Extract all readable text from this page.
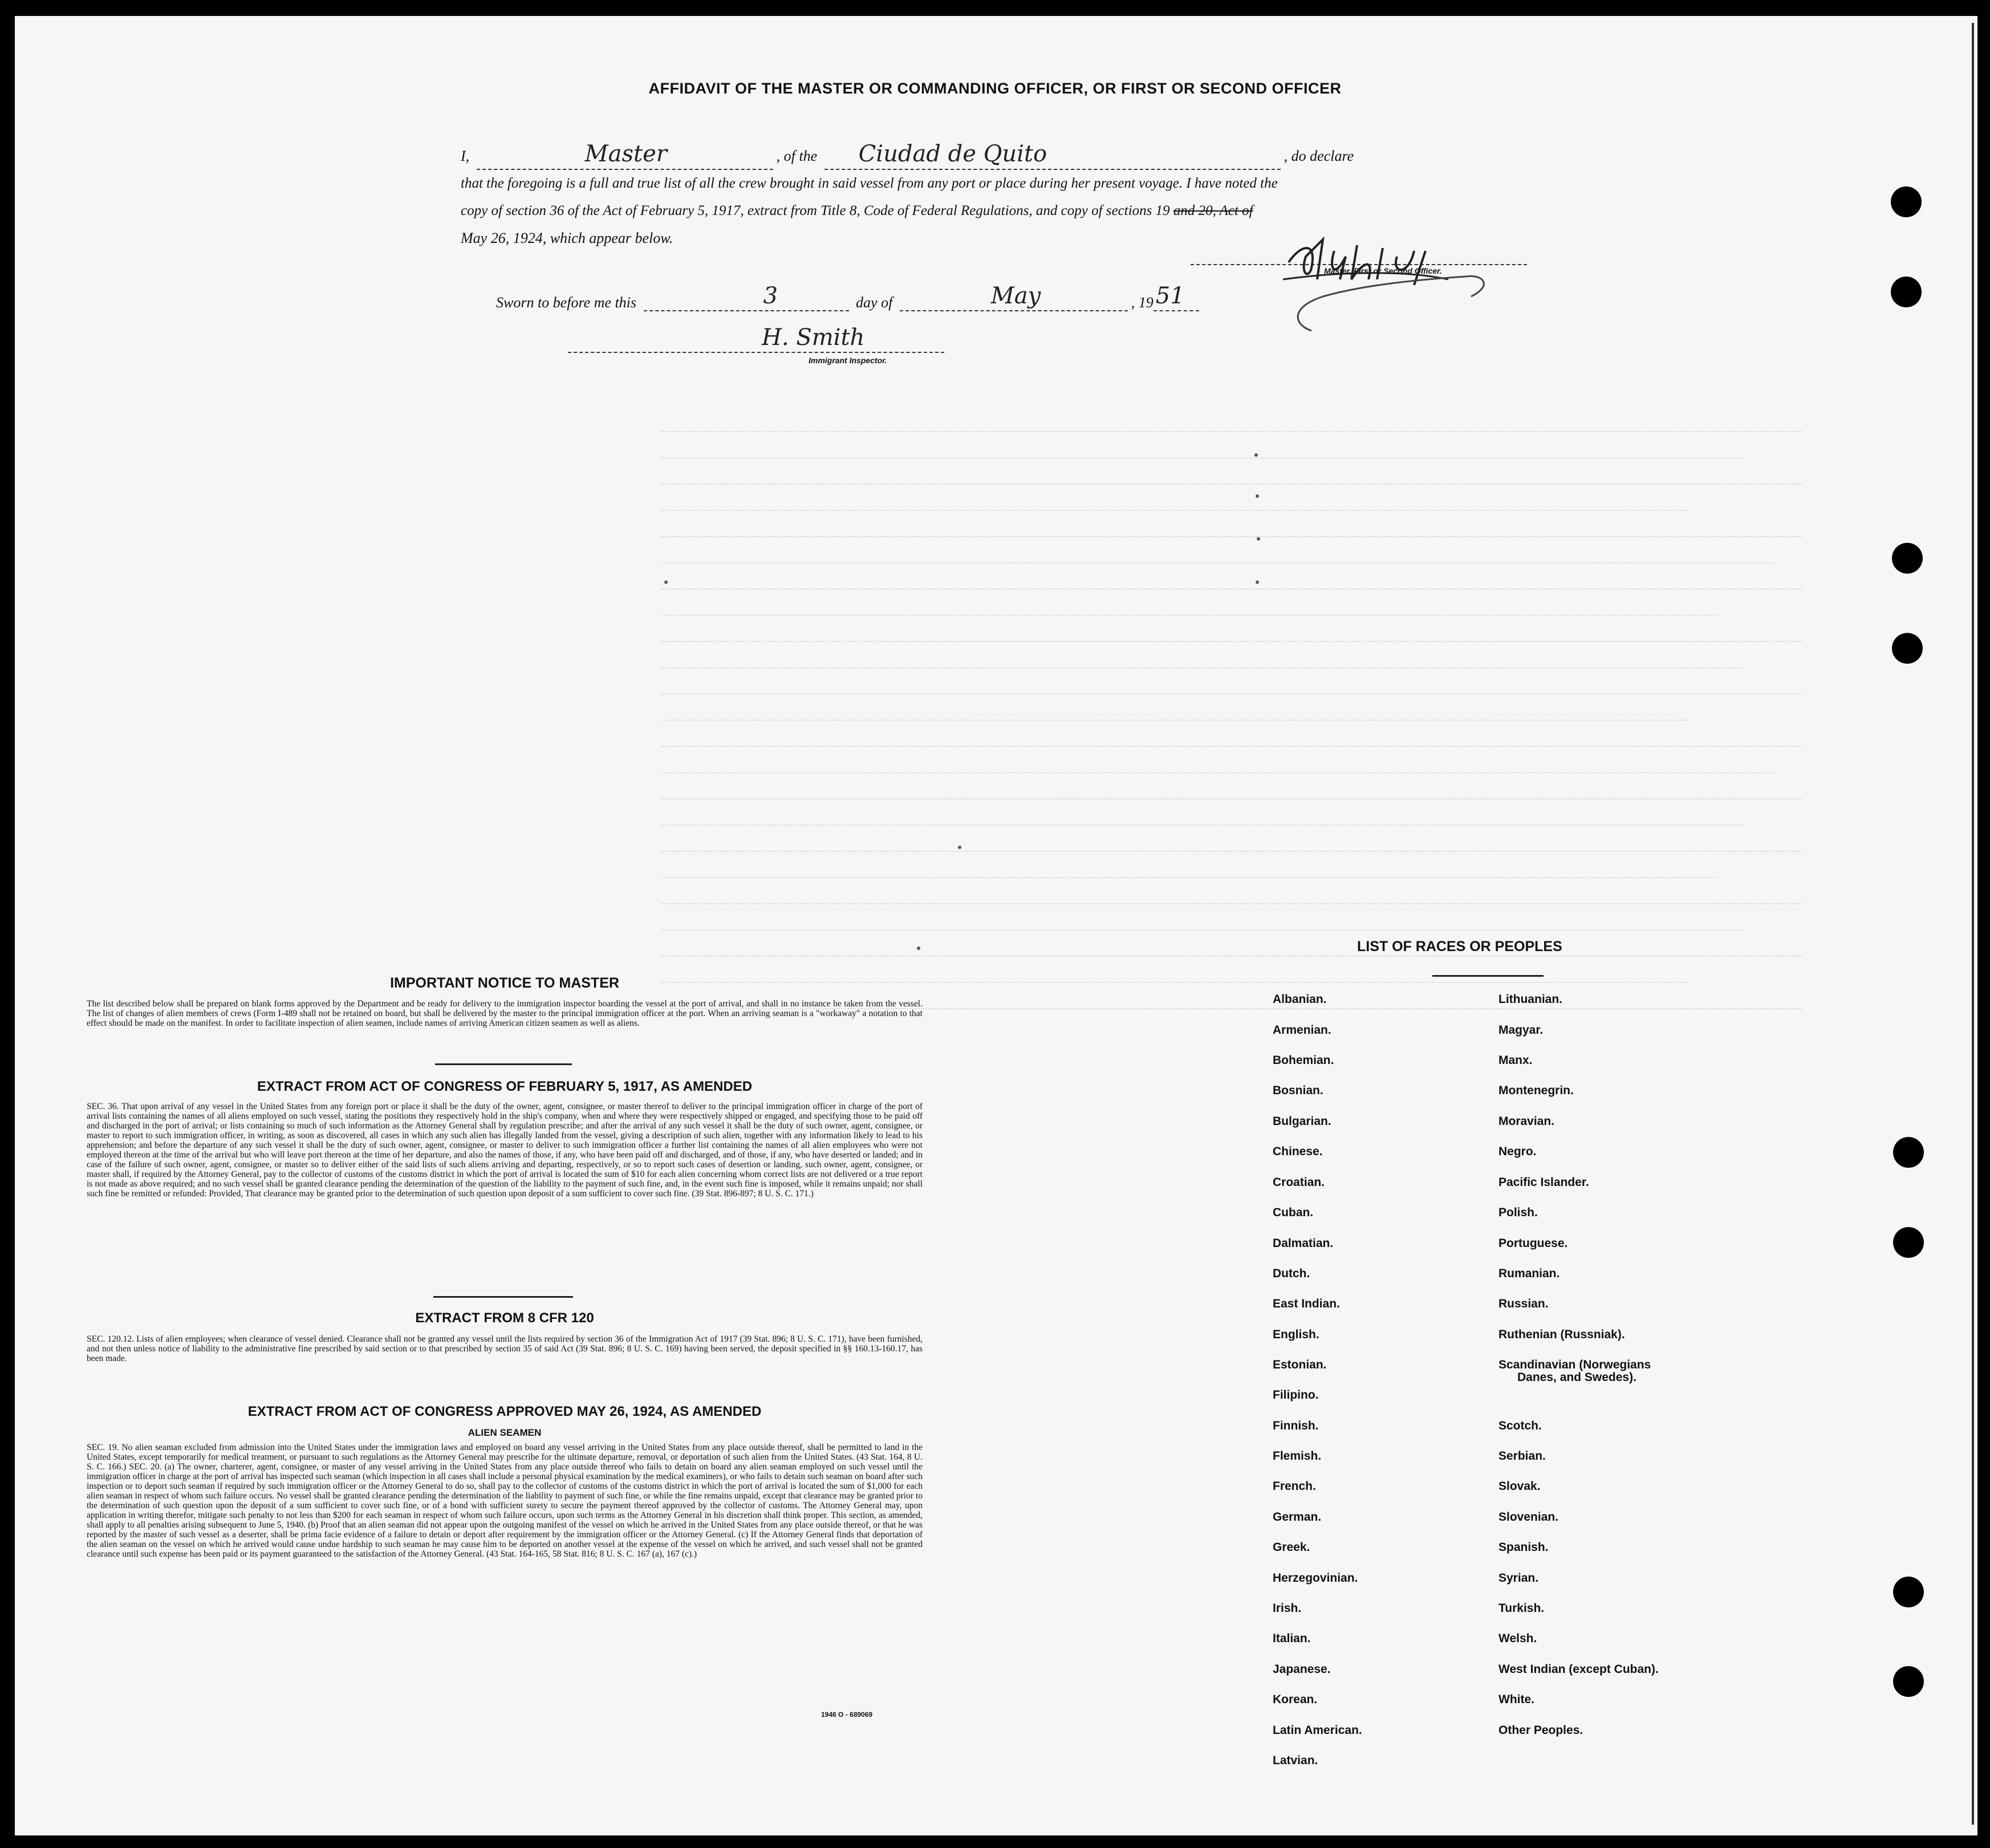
AFFIDAVIT OF THE MASTER OR COMMANDING OFFICER, OR FIRST OR SECOND OFFICER
I,	Master	, of the Ciudad de Quito	, do declare
that the foregoing is a full and true list of all the crew brought in said vessel from any port or place during her present voyage. I have noted the
copy of section 36 of the Act of February 5, 1917, extract from Title 8, Code of Federal Regulations, and copy of sections 19 and 20, Act of
May 26, 1924, which appear below.
Master, First or Second Officer.
Sworn to before me this	3	day of	May	, 19 51
H. Smith
Immigrant Inspector.
IMPORTANT NOTICE TO MASTER
The list described below shall be prepared on blank forms approved by the Department and be ready for delivery to the immigration inspector boarding the vessel at the port of arrival, and shall in no instance be taken from the vessel. The list of changes of alien members of crews (Form I-489 shall not be retained on board, but shall be delivered by the master to the principal immigration officer at the port. When an arriving seaman is a "workaway" a notation to that effect should be made on the manifest. In order to facilitate inspection of alien seamen, include names of arriving American citizen seamen as well as aliens.
EXTRACT FROM ACT OF CONGRESS OF FEBRUARY 5, 1917, AS AMENDED
SEC. 36. That upon arrival of any vessel in the United States from any foreign port or place it shall be the duty of the owner, agent, consignee, or master thereof to deliver to the principal immigration officer in charge of the port of arrival lists containing the names of all aliens employed on such vessel, stating the positions they respectively hold in the ship's company, when and where they were respectively shipped or engaged, and specifying those to be paid off and discharged in the port of arrival; or lists containing so much of such information as the Attorney General shall by regulation prescribe; and after the arrival of any such vessel it shall be the duty of such owner, agent, consignee, or master to report to such immigration officer, in writing, as soon as discovered, all cases in which any such alien has illegally landed from the vessel, giving a description of such alien, together with any information likely to lead to his apprehension; and before the departure of any such vessel it shall be the duty of such owner, agent, consignee, or master to deliver to such immigration officer a further list containing the names of all alien employees who were not employed thereon at the time of the arrival but who will leave port thereon at the time of her departure, and also the names of those, if any, who have been paid off and discharged, and of those, if any, who have deserted or landed; and in case of the failure of such owner, agent, consignee, or master so to deliver either of the said lists of such aliens arriving and departing, respectively, or so to report such cases of desertion or landing, such owner, agent, consignee, or master shall, if required by the Attorney General, pay to the collector of customs of the customs district in which the port of arrival is located the sum of $10 for each alien concerning whom correct lists are not delivered or a true report is not made as above required; and no such vessel shall be granted clearance pending the determination of the question of the liability to the payment of such fine, and, in the event such fine is imposed, while it remains unpaid; nor shall such fine be remitted or refunded: Provided, That clearance may be granted prior to the determination of such question upon deposit of a sum sufficient to cover such fine. (39 Stat. 896-897; 8 U. S. C. 171.)
EXTRACT FROM 8 CFR 120
SEC. 120.12. Lists of alien employees; when clearance of vessel denied. Clearance shall not be granted any vessel until the lists required by section 36 of the Immigration Act of 1917 (39 Stat. 896; 8 U. S. C. 171), have been furnished, and not then unless notice of liability to the administrative fine prescribed by said section or to that prescribed by section 35 of said Act (39 Stat. 896; 8 U. S. C. 169) having been served, the deposit specified in §§ 160.13-160.17, has been made.
EXTRACT FROM ACT OF CONGRESS APPROVED MAY 26, 1924, AS AMENDED
ALIEN SEAMEN
SEC. 19. No alien seaman excluded from admission into the United States under the immigration laws and employed on board any vessel arriving in the United States from any place outside thereof, shall be permitted to land in the United States, except temporarily for medical treatment, or pursuant to such regulations as the Attorney General may prescribe for the ultimate departure, removal, or deportation of such alien from the United States. (43 Stat. 164, 8 U. S. C. 166.) SEC. 20. (a) The owner, charterer, agent, consignee, or master of any vessel arriving in the United States from any place outside thereof who fails to detain on board any alien seaman employed on such vessel until the immigration officer in charge at the port of arrival has inspected such seaman (which inspection in all cases shall include a personal physical examination by the medical examiners), or who fails to detain such seaman on board after such inspection or to deport such seaman if required by such immigration officer or the Attorney General to do so, shall pay to the collector of customs of the customs district in which the port of arrival is located the sum of $1,000 for each alien seaman in respect of whom such failure occurs. No vessel shall be granted clearance pending the determination of the liability to payment of such fine, or while the fine remains unpaid, except that clearance may be granted prior to the determination of such question upon the deposit of a sum sufficient to cover such fine, or of a bond with sufficient surety to secure the payment thereof approved by the collector of customs. The Attorney General may, upon application in writing therefor, mitigate such penalty to not less than $200 for each seaman in respect of whom such failure occurs, upon such terms as the Attorney General in his discretion shall think proper. This section, as amended, shall apply to all penalties arising subsequent to June 5, 1940. (b) Proof that an alien seaman did not appear upon the outgoing manifest of the vessel on which he arrived in the United States from any place outside thereof, or that he was reported by the master of such vessel as a deserter, shall be prima facie evidence of a failure to detain or deport after requirement by the immigration officer or the Attorney General. (c) If the Attorney General finds that deportation of the alien seaman on the vessel on which he arrived would cause undue hardship to such seaman he may cause him to be deported on another vessel at the expense of the vessel on which he arrived, and such vessel shall not be granted clearance until such expense has been paid or its payment guaranteed to the satisfaction of the Attorney General. (43 Stat. 164-165, 58 Stat. 816; 8 U. S. C. 167 (a), 167 (c).)
1946 O - 689069
LIST OF RACES OR PEOPLES
Albanian.
Armenian.
Bohemian.
Bosnian.
Bulgarian.
Chinese.
Croatian.
Cuban.
Dalmatian.
Dutch.
East Indian.
English.
Estonian.
Filipino.
Finnish.
Flemish.
French.
German.
Greek.
Herzegovinian.
Irish.
Italian.
Japanese.
Korean.
Latin American.
Latvian.
Lithuanian.
Magyar.
Manx.
Montenegrin.
Moravian.
Negro.
Pacific Islander.
Polish.
Portuguese.
Rumanian.
Russian.
Ruthenian (Russniak).
Scandinavian (Norwegians
Danes, and Swedes).
Scotch.
Serbian.
Slovak.
Slovenian.
Spanish.
Syrian.
Turkish.
Welsh.
West Indian (except Cuban).
White.
Other Peoples.
